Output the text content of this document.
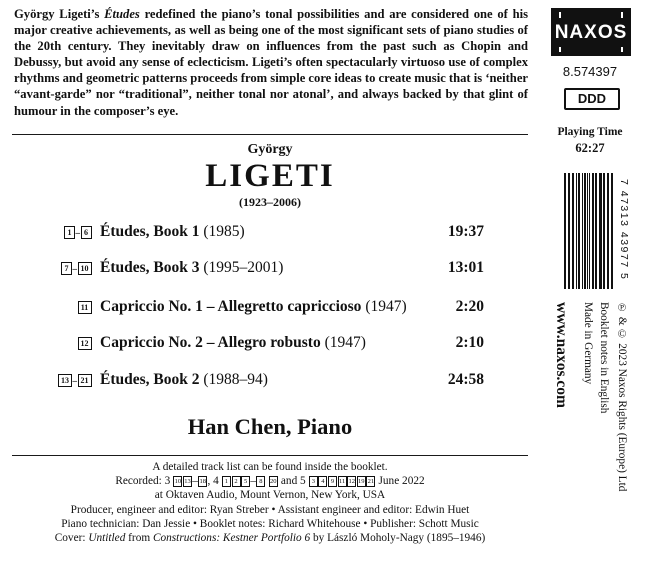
György Ligeti’s Études redefined the piano’s tonal possibilities and are considered one of his major creative achievements, as well as being one of the most significant sets of piano studies of the 20th century. They inevitably draw on influences from the past such as Chopin and Debussy, but avoid any sense of eclecticism. Ligeti’s often spectacularly virtuoso use of complex rhythms and geometric patterns proceeds from simple core ideas to create music that is ‘neither “avant-garde” nor “traditional”, neither tonal nor atonal’, and always backed by that glint of humour in the composer’s eye.
György
LIGETI
(1923–2006)
1 – 6 Études, Book 1 (1985)	19:37
7 – 10 Études, Book 3 (1995–2001)	13:01
11 Capriccio No. 1 – Allegretto capriccioso (1947)	2:20
12 Capriccio No. 2 – Allegro robusto (1947)	2:10
13 – 21 Études, Book 2 (1988–94)	24:58
Han Chen, Piano
A detailed track list can be found inside the booklet.
Recorded: 3 10 13 – 18 , 4 1 2 5 – 8 20 and 5 3 4 9 11 12 19 21 June 2022
at Oktaven Audio, Mount Vernon, New York, USA
Producer, engineer and editor: Ryan Streber • Assistant engineer and editor: Edwin Huet
Piano technician: Dan Jessie • Booklet notes: Richard Whitehouse • Publisher: Schott Music
Cover: Untitled from Constructions: Kestner Portfolio 6 by László Moholy-Nagy (1895–1946)
NAXOS
8.574397
DDD
Playing Time
62:27
7 47313 43977 5
www.naxos.com Made in Germany Booklet notes in English ℗ & © 2023 Naxos Rights (Europe) Ltd
